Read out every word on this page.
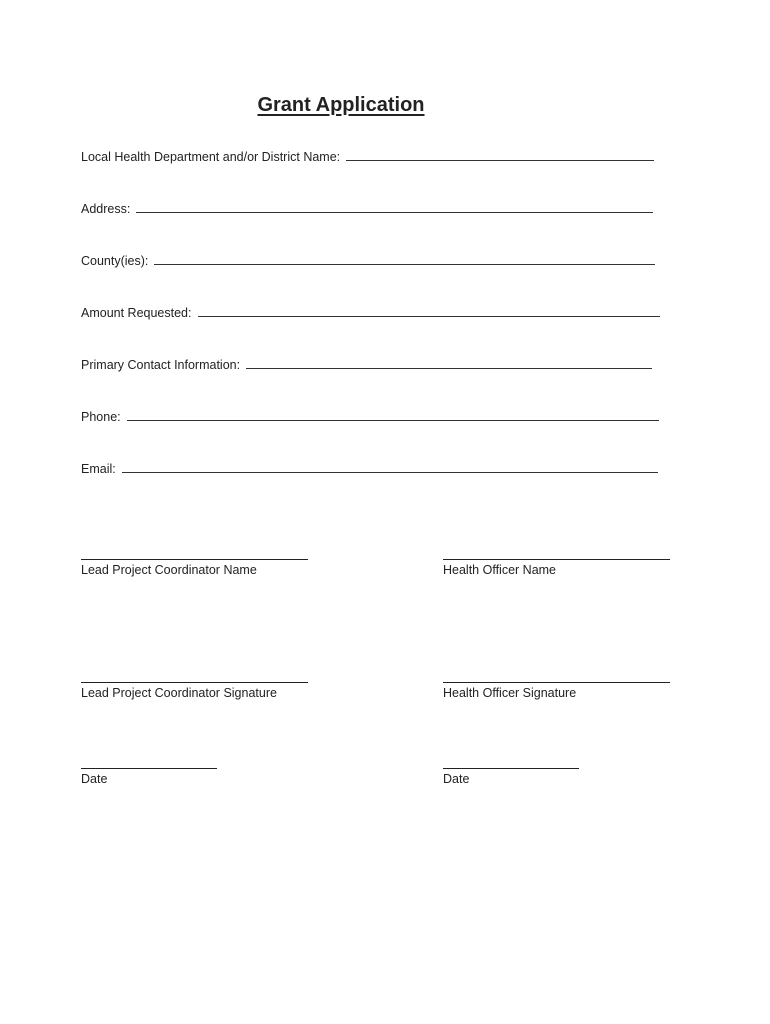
Grant Application
Local Health Department and/or District Name:
Address:
County(ies):
Amount Requested:
Primary Contact Information:
Phone:
Email:
Lead Project Coordinator Name	Health Officer Name
Lead Project Coordinator Signature	Health Officer Signature
Date	Date
